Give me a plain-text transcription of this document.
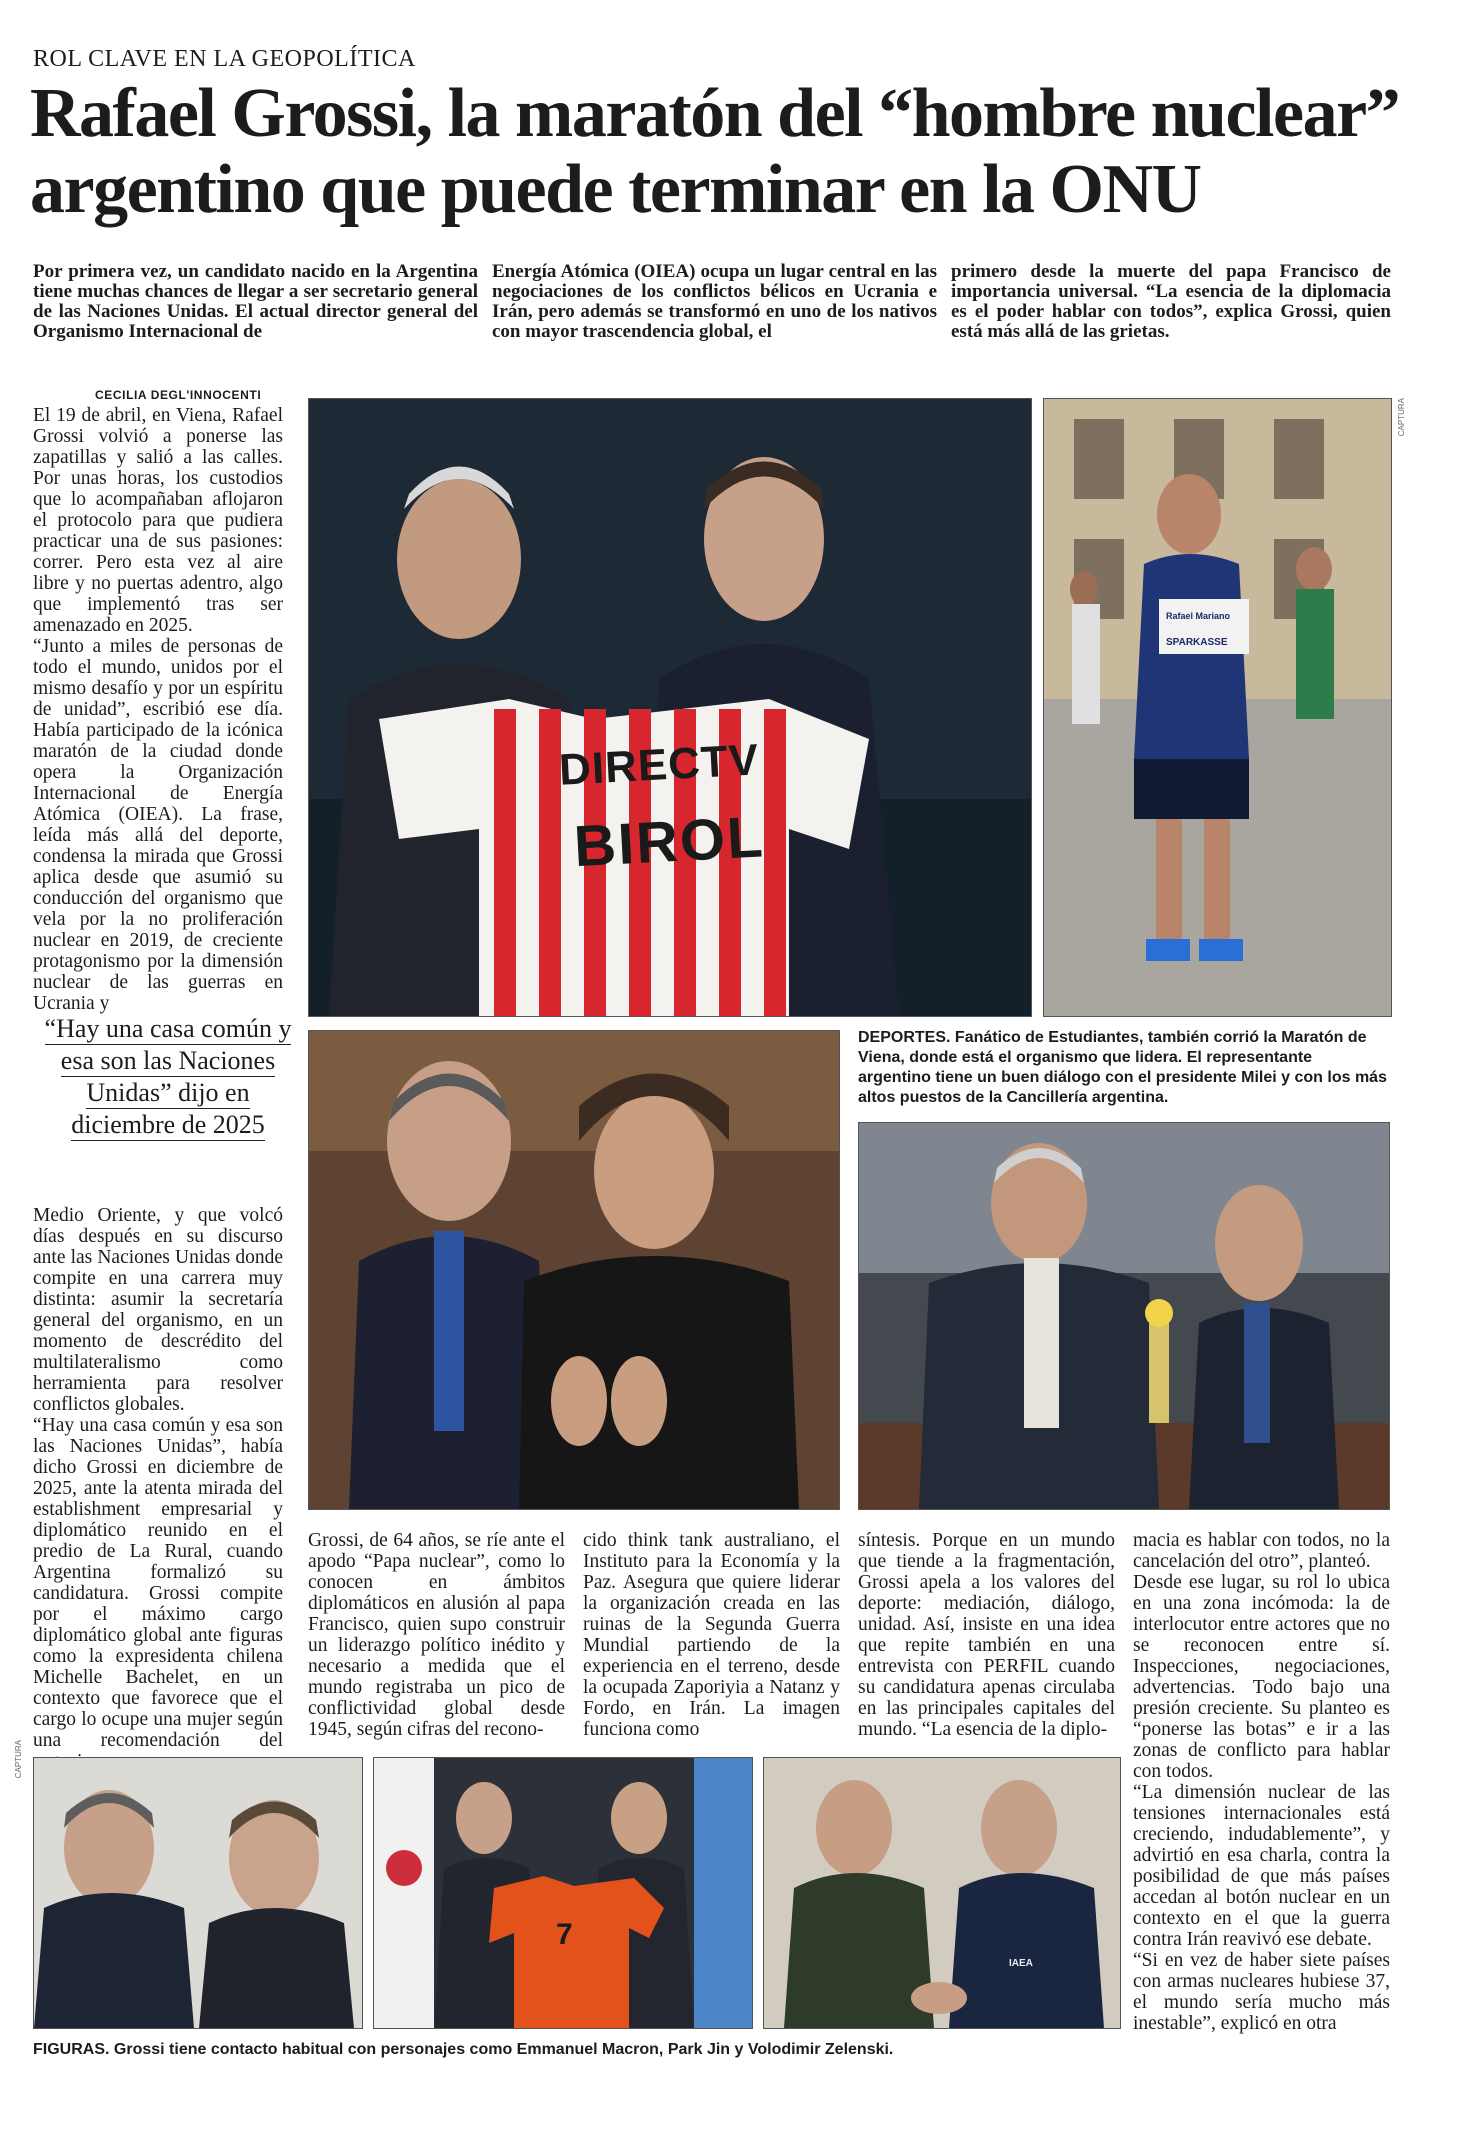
ROL CLAVE EN LA GEOPOLÍTICA
Rafael Grossi, la maratón del “hombre nuclear”
argentino que puede terminar en la ONU
Por primera vez, un candidato nacido en la Argentina tiene muchas chances de llegar a ser secretario general de las Naciones Unidas. El actual director general del Organismo Internacional de
Energía Atómica (OIEA) ocupa un lugar central en las negociaciones de los conflictos bélicos en Ucrania e Irán, pero además se transformó en uno de los nativos con mayor trascendencia global, el
primero desde la muerte del papa Francisco de importancia universal. “La esencia de la diplomacia es el poder hablar con todos”, explica Grossi, quien está más allá de las grietas.
CECILIA DEGL'INNOCENTI

El 19 de abril, en Viena, Rafael Grossi volvió a ponerse las zapatillas y salió a las calles. Por unas horas, los custodios que lo acompañaban aflojaron el protocolo para que pudiera practicar una de sus pasiones: correr. Pero esta vez al aire libre y no puertas adentro, algo que implementó tras ser amenazado en 2025.

“Junto a miles de personas de todo el mundo, unidos por el mismo desafío y por un espíritu de unidad”, escribió ese día. Había participado de la icónica maratón de la ciudad donde opera la Organización Internacional de Energía Atómica (OIEA). La frase, leída más allá del deporte, condensa la mirada que Grossi aplica desde que asumió su conducción del organismo que vela por la no proliferación nuclear en 2019, de creciente protagonismo por la dimensión nuclear de las guerras en Ucrania y

“Hay una casa común y esa son las Naciones Unidas” dijo en diciembre de 2025

Medio Oriente, y que volcó días después en su discurso ante las Naciones Unidas donde compite en una carrera muy distinta: asumir la secretaría general del organismo, en un momento de descrédito del multilateralismo como herramienta para resolver conflictos globales.

“Hay una casa común y esa son las Naciones Unidas”, había dicho Grossi en diciembre de 2025, ante la atenta mirada del establishment empresarial y diplomático reunido en el predio de La Rural, cuando Argentina formalizó su candidatura. Grossi compite por el máximo cargo diplomático global ante figuras como la expresidenta chilena Michelle Bachelet, en un contexto que favorece que el cargo lo ocupe una mujer según una recomendación del

DIRECTV
BIROL
Rafael Mariano
SPARKASSE
CAPTURA
DEPORTES. Fanático de Estudiantes, también corrió la Maratón de Viena, donde está el organismo que lidera. El representante argentino tiene un buen diálogo con el presidente Milei y con los más altos puestos de la Cancillería argentina.
Grossi, de 64 años, se ríe ante el apodo “Papa nuclear”, como lo conocen en ámbitos diplomáticos en alusión al papa Francisco, quien supo construir un liderazgo político inédito y necesario a medida que el mundo registraba un pico de conflictividad global desde 1945, según cifras del recono-
cido think tank australiano, el Instituto para la Economía y la Paz. Asegura que quiere liderar la organización creada en las ruinas de la Segunda Guerra Mundial partiendo de la experiencia en el terreno, desde la ocupada Zaporiyia a Natanz y Fordo, en Irán. La imagen funciona como
síntesis. Porque en un mundo que tiende a la fragmentación, Grossi apela a los valores del deporte: mediación, diálogo, unidad. Así, insiste en una idea que repite también en una entrevista con PERFIL cuando su candidatura apenas circulaba en las principales capitales del mundo. “La esencia de la diplo-

macia es hablar con todos, no la cancelación del otro”, planteó.

Desde ese lugar, su rol lo ubica en una zona incómoda: la de interlocutor entre actores que no se reconocen entre sí. Inspecciones, negociaciones, advertencias. Todo bajo una presión creciente. Su planteo es “ponerse las botas” e ir a las zonas de conflicto para hablar con todos.

“La dimensión nuclear de las tensiones internacionales está creciendo, indudablemente”, y advirtió en esa charla, contra la posibilidad de que más países accedan al botón nuclear en un contexto en el que la guerra contra Irán reavivó ese debate.

“Si en vez de haber siete países con armas nucleares hubiese 37, el mundo sería mucho más inestable”, explicó en otra

CAPTURA
7
IAEA
FIGURAS. Grossi tiene contacto habitual con personajes como Emmanuel Macron, Park Jin y Volodimir Zelenski.
